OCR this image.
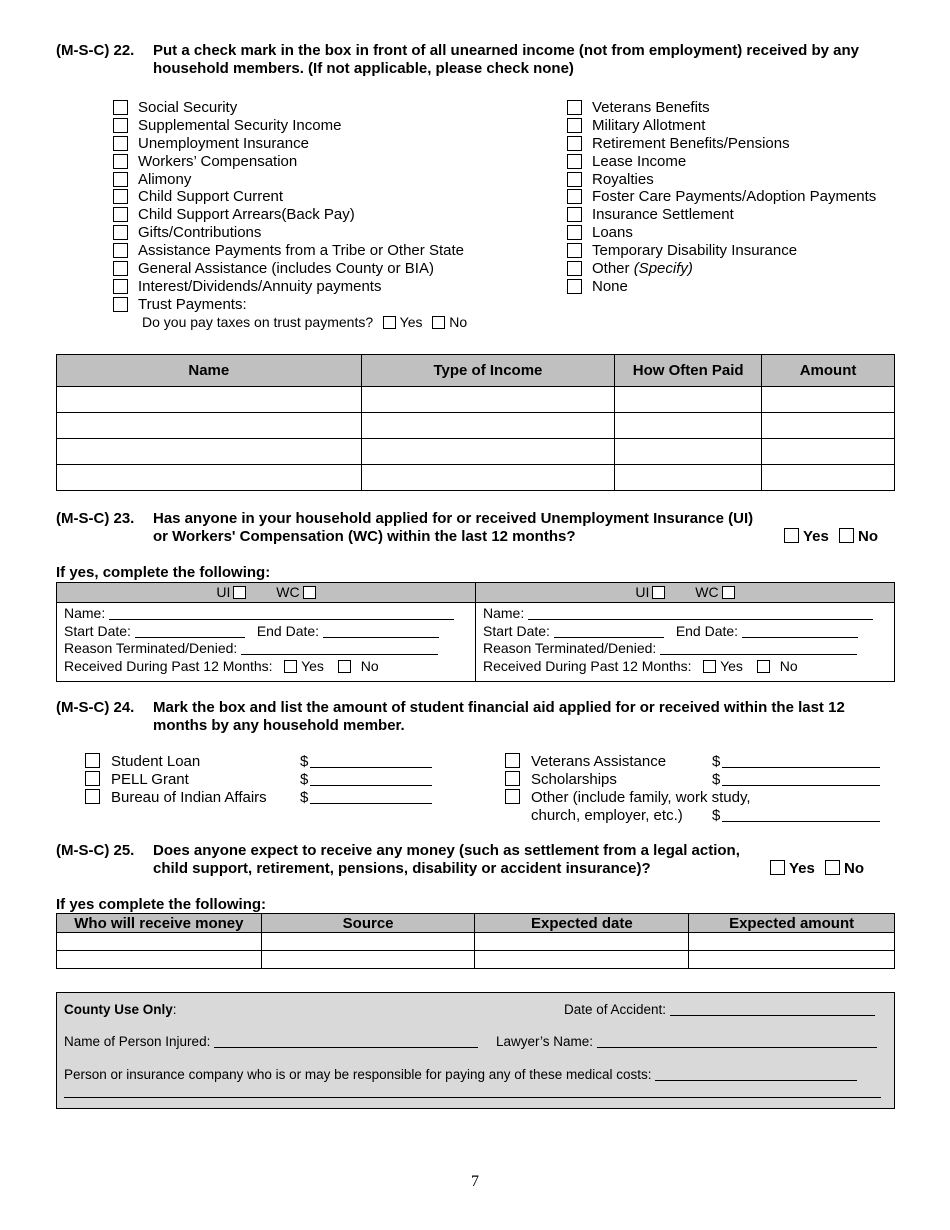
(M-S-C) 22. Put a check mark in the box in front of all unearned income (not from employment) received by any household members. (If not applicable, please check none)
Social Security
Supplemental Security Income
Unemployment Insurance
Workers’ Compensation
Alimony
Child Support Current
Child Support Arrears(Back Pay)
Gifts/Contributions
Assistance Payments from a Tribe or Other State
General Assistance (includes County or BIA)
Interest/Dividends/Annuity payments
Trust Payments:
Do you pay taxes on trust payments? Yes No
Veterans Benefits
Military Allotment
Retirement Benefits/Pensions
Lease Income
Royalties
Foster Care Payments/Adoption Payments
Insurance Settlement
Loans
Temporary Disability Insurance
Other (Specify)
None
Name	Type of Income	How Often Paid	Amount

(M-S-C) 23. Has anyone in your household applied for or received Unemployment Insurance (UI)
or Workers' Compensation (WC) within the last 12 months?	Yes No
If yes, complete the following:
UI	WC
Name:
Start Date:	End Date:
Reason Terminated/Denied:
Received During Past 12 Months: Yes	No
UI	WC
Name:
Start Date:	End Date:
Reason Terminated/Denied:
Received During Past 12 Months: Yes	No
(M-S-C) 24. Mark the box and list the amount of student financial aid applied for or received within the last 12 months by any household member.
Student Loan	$
PELL Grant	$
Bureau of Indian Affairs $
Veterans Assistance	$
Scholarships	$
Other (include family, work study,
church, employer, etc.) $
(M-S-C) 25. Does anyone expect to receive any money (such as settlement from a legal action,
child support, retirement, pensions, disability or accident insurance)?	Yes No
If yes complete the following:
Who will receive money	Source	Expected date	Expected amount

County Use Only:	Date of Accident:
Name of Person Injured:	Lawyer’s Name:
Person or insurance company who is or may be responsible for paying any of these medical costs:
7
